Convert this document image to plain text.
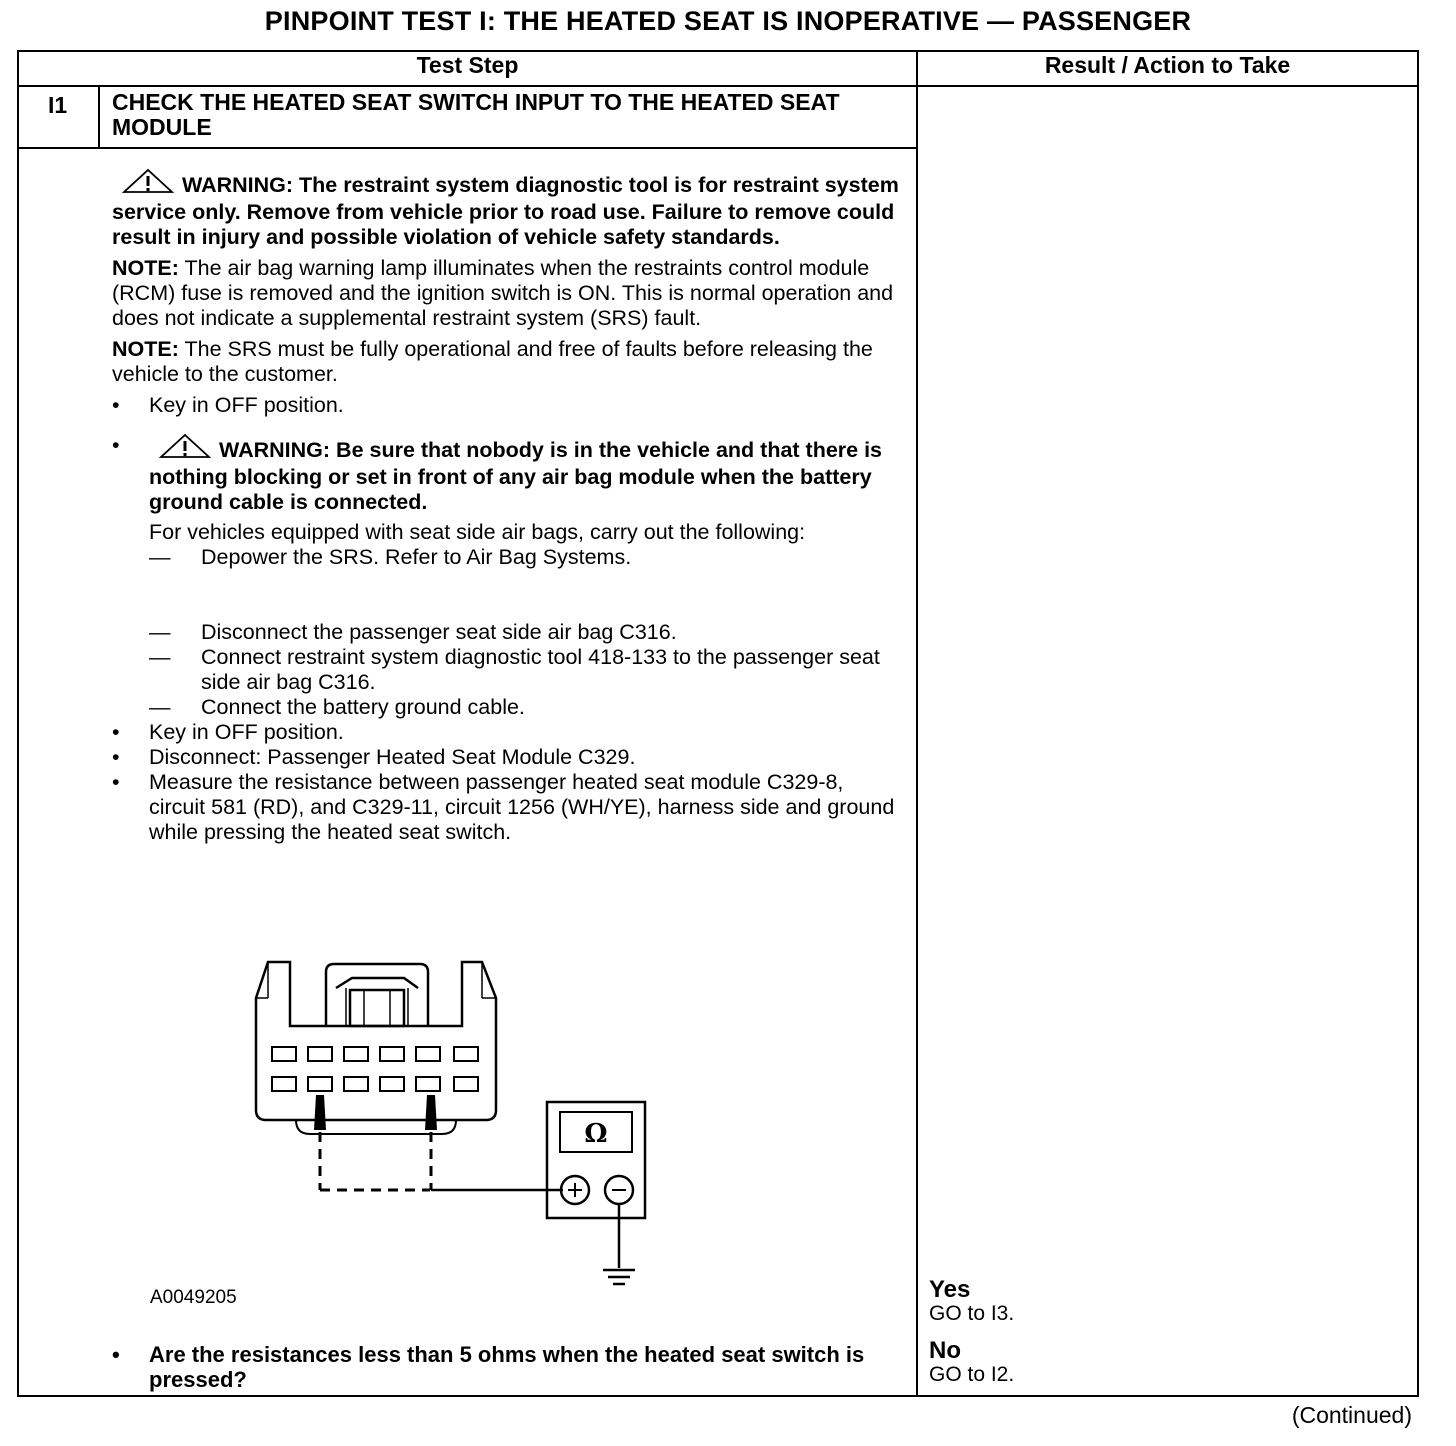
PINPOINT TEST I: THE HEATED SEAT IS INOPERATIVE — PASSENGER
Test Step	Result / Action to Take
I1 CHECK THE HEATED SEAT SWITCH INPUT TO THE HEATED SEAT MODULE

WARNING: The restraint system diagnostic tool is for restraint system service only. Remove from vehicle prior to road use. Failure to remove could result in injury and possible violation of vehicle safety standards.

NOTE: The air bag warning lamp illuminates when the restraints control module (RCM) fuse is removed and the ignition switch is ON. This is normal operation and does not indicate a supplemental restraint system (SRS) fault.

NOTE: The SRS must be fully operational and free of faults before releasing the vehicle to the customer.

• Key in OFF position.

•	WARNING: Be sure that nobody is in the vehicle and that there is nothing blocking or set in front of any air bag module when the battery ground cable is connected.

For vehicles equipped with seat side air bags, carry out the following:

— Depower the SRS. Refer to Air Bag Systems.

— Disconnect the passenger seat side air bag C316.

— Connect restraint system diagnostic tool 418-133 to the passenger seat side air bag C316.

— Connect the battery ground cable.

• Key in OFF position.

• Disconnect: Passenger Heated Seat Module C329.

• Measure the resistance between passenger heated seat module C329-8, circuit 581 (RD), and C329-11, circuit 1256 (WH/YE), harness side and ground while pressing the heated seat switch.

Ω
A0049205
• Are the resistances less than 5 ohms when the heated seat switch is pressed?
Yes
GO to I3.
No
GO to I2.
(Continued)
